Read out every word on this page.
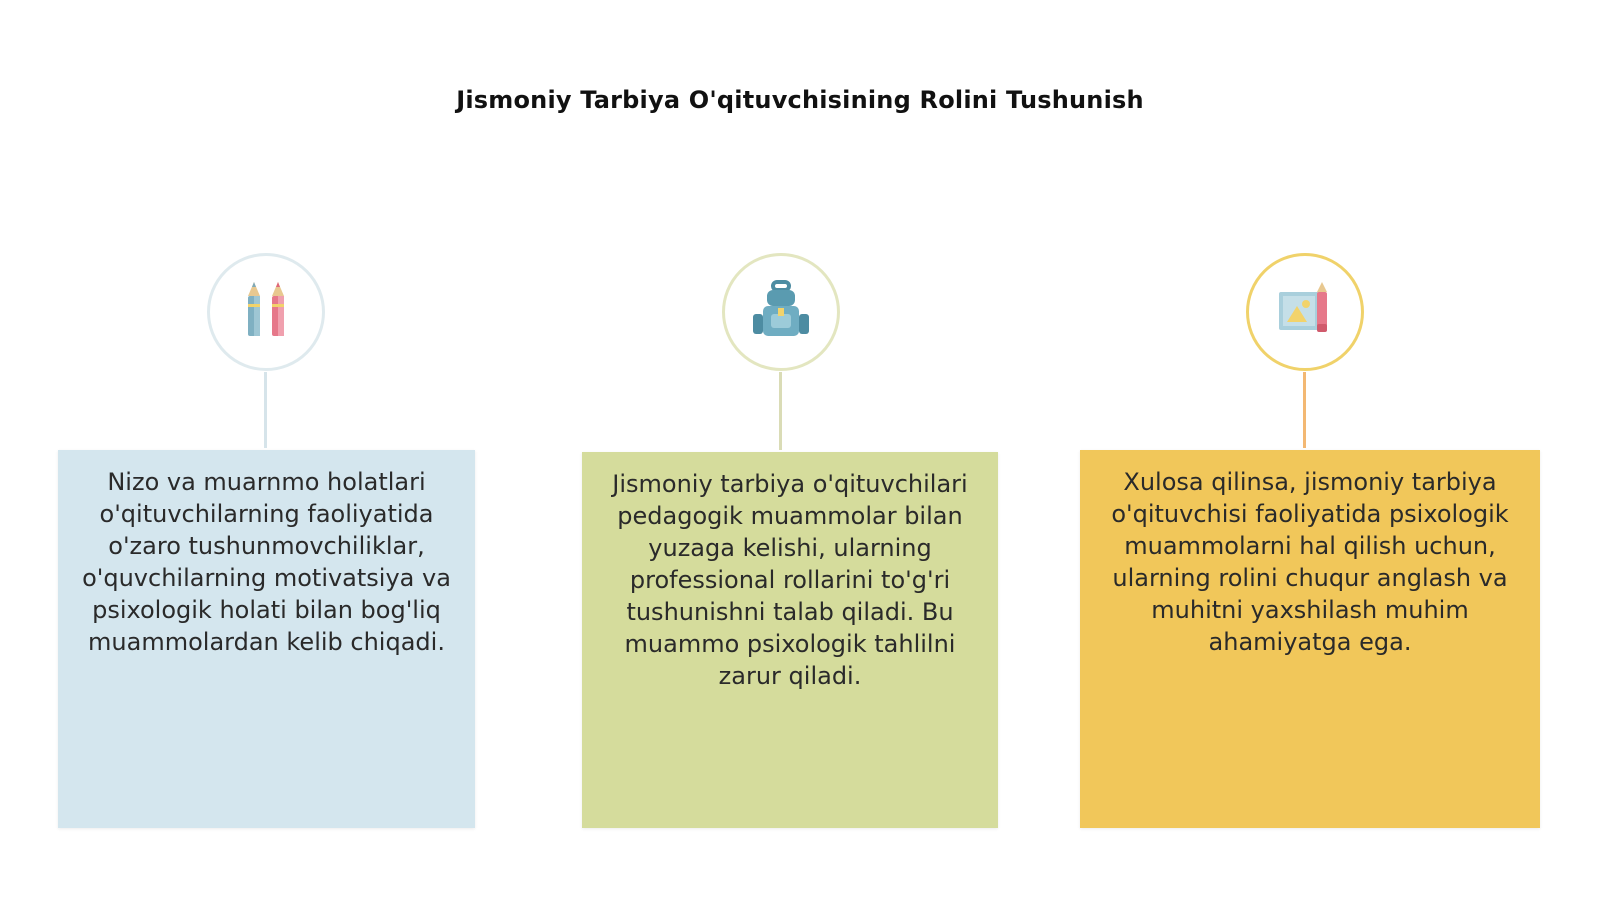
Jismoniy Tarbiya O'qituvchisining Rolini Tushunish
Nizo va muarnmo holatlari o'qituvchilarning faoliyatida o'zaro tushunmovchiliklar, o'quvchilarning motivatsiya va psixologik holati bilan bog'liq muammolardan kelib chiqadi.
Jismoniy tarbiya o'qituvchilari pedagogik muammolar bilan yuzaga kelishi, ularning professional rollarini to'g'ri tushunishni talab qiladi. Bu muammo psixologik tahlilni zarur qiladi.
Xulosa qilinsa, jismoniy tarbiya o'qituvchisi faoliyatida psixologik muammolarni hal qilish uchun, ularning rolini chuqur anglash va muhitni yaxshilash muhim ahamiyatga ega.
